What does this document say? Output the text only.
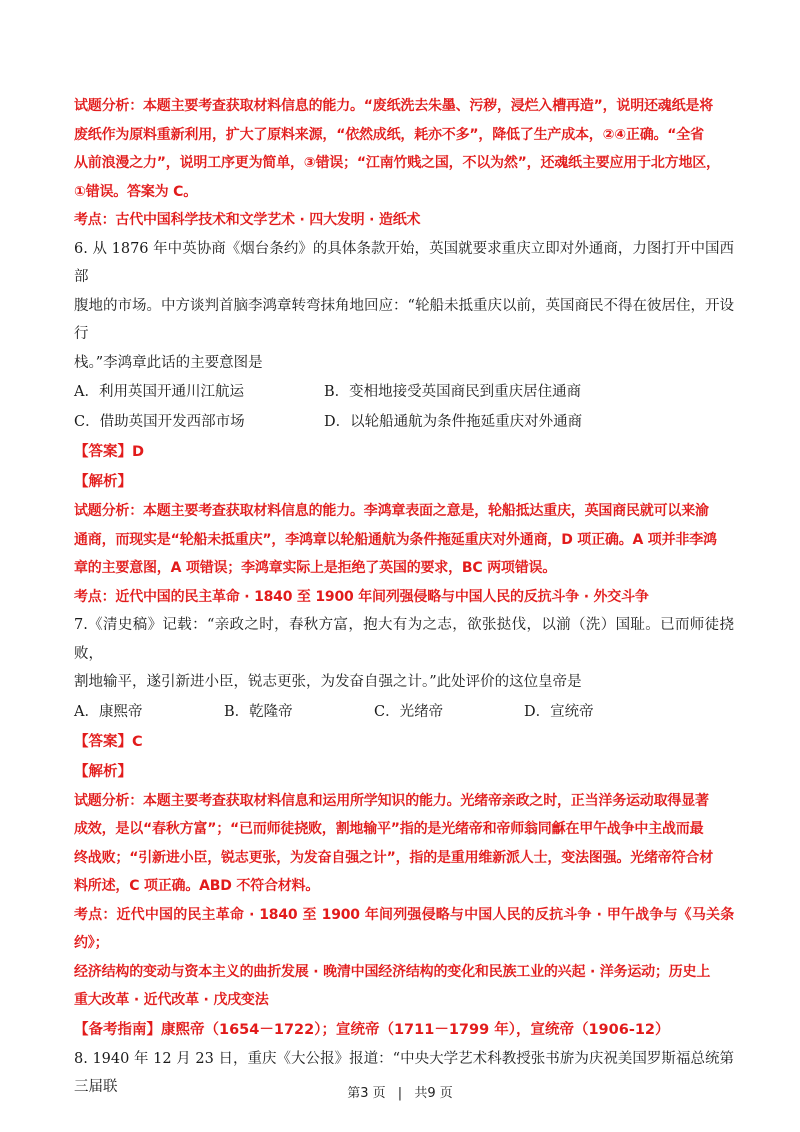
试题分析：本题主要考查获取材料信息的能力。“废纸洗去朱墨、污秽，浸烂入槽再造”，说明还魂纸是将

废纸作为原料重新利用，扩大了原料来源，“依然成纸，耗亦不多”，降低了生产成本，②④正确。“全省

从前浪漫之力”，说明工序更为简单，③错误；“江南竹贱之国，不以为然”，还魂纸主要应用于北方地区，

①错误。答案为 C。

考点：古代中国科学技术和文学艺术 · 四大发明 · 造纸术

6. 从 1876 年中英协商《烟台条约》的具体条款开始，英国就要求重庆立即对外通商，力图打开中国西部

腹地的市场。中方谈判首脑李鸿章转弯抹角地回应：“轮船未抵重庆以前，英国商民不得在彼居住，开设行

栈。”李鸿章此话的主要意图是

A．利用英国开通川江航运	B．变相地接受英国商民到重庆居住通商
C．借助英国开发西部市场	D．以轮船通航为条件拖延重庆对外通商
【答案】D
【解析】

试题分析：本题主要考查获取材料信息的能力。李鸿章表面之意是，轮船抵达重庆，英国商民就可以来渝

通商，而现实是“轮船未抵重庆”，李鸿章以轮船通航为条件拖延重庆对外通商，D 项正确。A 项并非李鸿

章的主要意图，A 项错误；李鸿章实际上是拒绝了英国的要求，BC 两项错误。

考点：近代中国的民主革命 · 1840 至 1900 年间列强侵略与中国人民的反抗斗争 · 外交斗争

7.《清史稿》记载：“亲政之时，春秋方富，抱大有为之志，欲张挞伐，以湔（洗）国耻。已而师徒挠败，

割地输平，遂引新进小臣，锐志更张，为发奋自强之计。”此处评价的这位皇帝是

A．康熙帝	B．乾隆帝	C．光绪帝	D．宣统帝
【答案】C
【解析】

试题分析：本题主要考查获取材料信息和运用所学知识的能力。光绪帝亲政之时，正当洋务运动取得显著

成效，是以“春秋方富”；“已而师徒挠败，割地输平”指的是光绪帝和帝师翁同龢在甲午战争中主战而最

终战败；“引新进小臣，锐志更张，为发奋自强之计”，指的是重用维新派人士，变法图强。光绪帝符合材

料所述，C 项正确。ABD 不符合材料。

考点：近代中国的民主革命 · 1840 至 1900 年间列强侵略与中国人民的反抗斗争 · 甲午战争与《马关条约》；

经济结构的变动与资本主义的曲折发展 · 晚清中国经济结构的变化和民族工业的兴起 · 洋务运动；历史上

重大改革 · 近代改革 · 戊戌变法

【备考指南】康熙帝（1654－1722）；宣统帝（1711－1799 年），宣统帝（1906-12）

8. 1940 年 12 月 23 日，重庆《大公报》报道：“中央大学艺术科教授张书旂为庆祝美国罗斯福总统第三届联	第3 页 | 共9 页
